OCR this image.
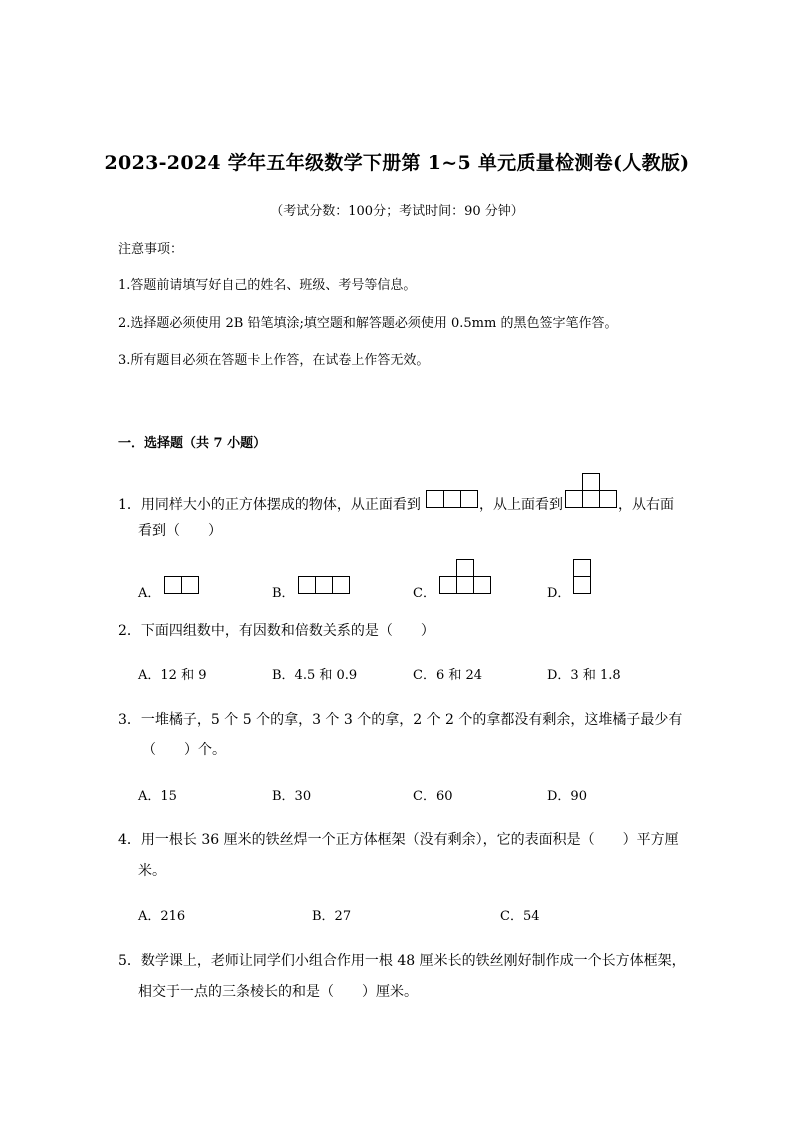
2023-2024 学年五年级数学下册第 1~5 单元质量检测卷(人教版)
（考试分数：100分；考试时间：90 分钟）
注意事项：
1.答题前请填写好自己的姓名、班级、考号等信息。
2.选择题必须使用 2B 铅笔填涂;填空题和解答题必须使用 0.5mm 的黑色签字笔作答。
3.所有题目必须在答题卡上作答，在试卷上作答无效。
一．选择题（共 7 小题）
1．用同样大小的正方体摆成的物体，从正面看到	，从上面看到	，从右面
看到（　　）
A．	B．	C．	D．
2．下面四组数中，有因数和倍数关系的是（　　）
A．12 和 9	B．4.5 和 0.9	C．6 和 24	D．3 和 1.8
3．一堆橘子，5 个 5 个的拿，3 个 3 个的拿，2 个 2 个的拿都没有剩余，这堆橘子最少有
（　　）个。
A．15	B．30	C．60	D．90
4．用一根长 36 厘米的铁丝焊一个正方体框架（没有剩余），它的表面积是（　　）平方厘
米。
A．216	B．27	C．54
5．数学课上，老师让同学们小组合作用一根 48 厘米长的铁丝刚好制作成一个长方体框架，
相交于一点的三条棱长的和是（　　）厘米。
